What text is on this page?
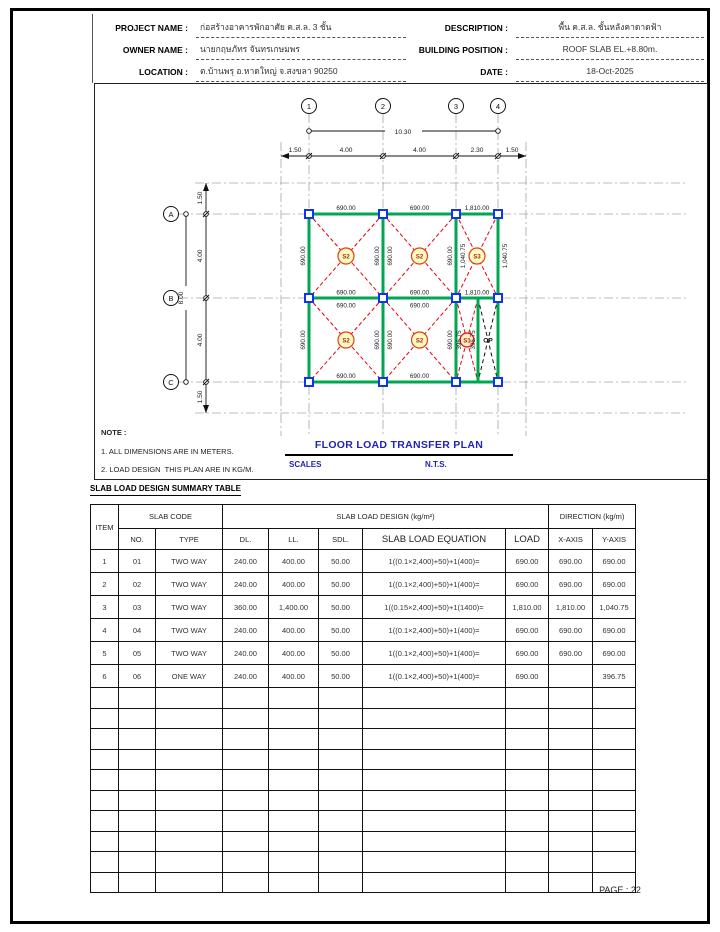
PROJECT NAME :	ก่อสร้างอาคารพักอาศัย ค.ส.ล. 3 ชั้น	DESCRIPTION :	พื้น ค.ส.ล. ชั้นหลังคาดาดฟ้า
OWNER NAME :	นายกฤษภัทร จันทรเกษมพร	BUILDING POSITION :	ROOF SLAB EL.+8.80m.
LOCATION :	ต.บ้านพรุ อ.หาดใหญ่ จ.สงขลา 90250	DATE :	18-Oct-2025
1	2	3	4
A
B
C
10.30
1.50	4.00	4.00	2.30	1.50
8.00
1.50
4.00
4.00
1.50
S2	S2	S3
S2	S2	S1 OP
690.00	690.00	1,810.00
690.00	690.00	1,810.00
690.00	690.00
690.00	690.00
690.00
690.00
690.00 690.00
690.00 690.00
690.00 1,040.75	1,040.75
690.00 396.75 396.75
NOTE :
1. ALL DIMENSIONS ARE IN METERS.
2. LOAD DESIGN  THIS PLAN ARE IN KG/M.
FLOOR LOAD TRANSFER PLAN
SCALES	N.T.S.
SLAB LOAD DESIGN SUMMARY TABLE
ITEM	SLAB CODE		SLAB LOAD DESIGN (kg/m²)					DIRECTION (kg/m)	
	NO.	TYPE	DL.	LL.	SDL.	SLAB LOAD EQUATION	LOAD	X-AXIS	Y-AXIS
1	01	TWO WAY	240.00	400.00	50.00	1((0.1×2,400)+50)+1(400)=	690.00	690.00	690.00
2	02	TWO WAY	240.00	400.00	50.00	1((0.1×2,400)+50)+1(400)=	690.00	690.00	690.00
3	03	TWO WAY	360.00	1,400.00	50.00	1((0.15×2,400)+50)+1(1400)=	1,810.00	1,810.00	1,040.75
4	04	TWO WAY	240.00	400.00	50.00	1((0.1×2,400)+50)+1(400)=	690.00	690.00	690.00
5	05	TWO WAY	240.00	400.00	50.00	1((0.1×2,400)+50)+1(400)=	690.00	690.00	690.00
6	06	ONE WAY	240.00	400.00	50.00	1((0.1×2,400)+50)+1(400)=	690.00		396.75

PAGE : 22
